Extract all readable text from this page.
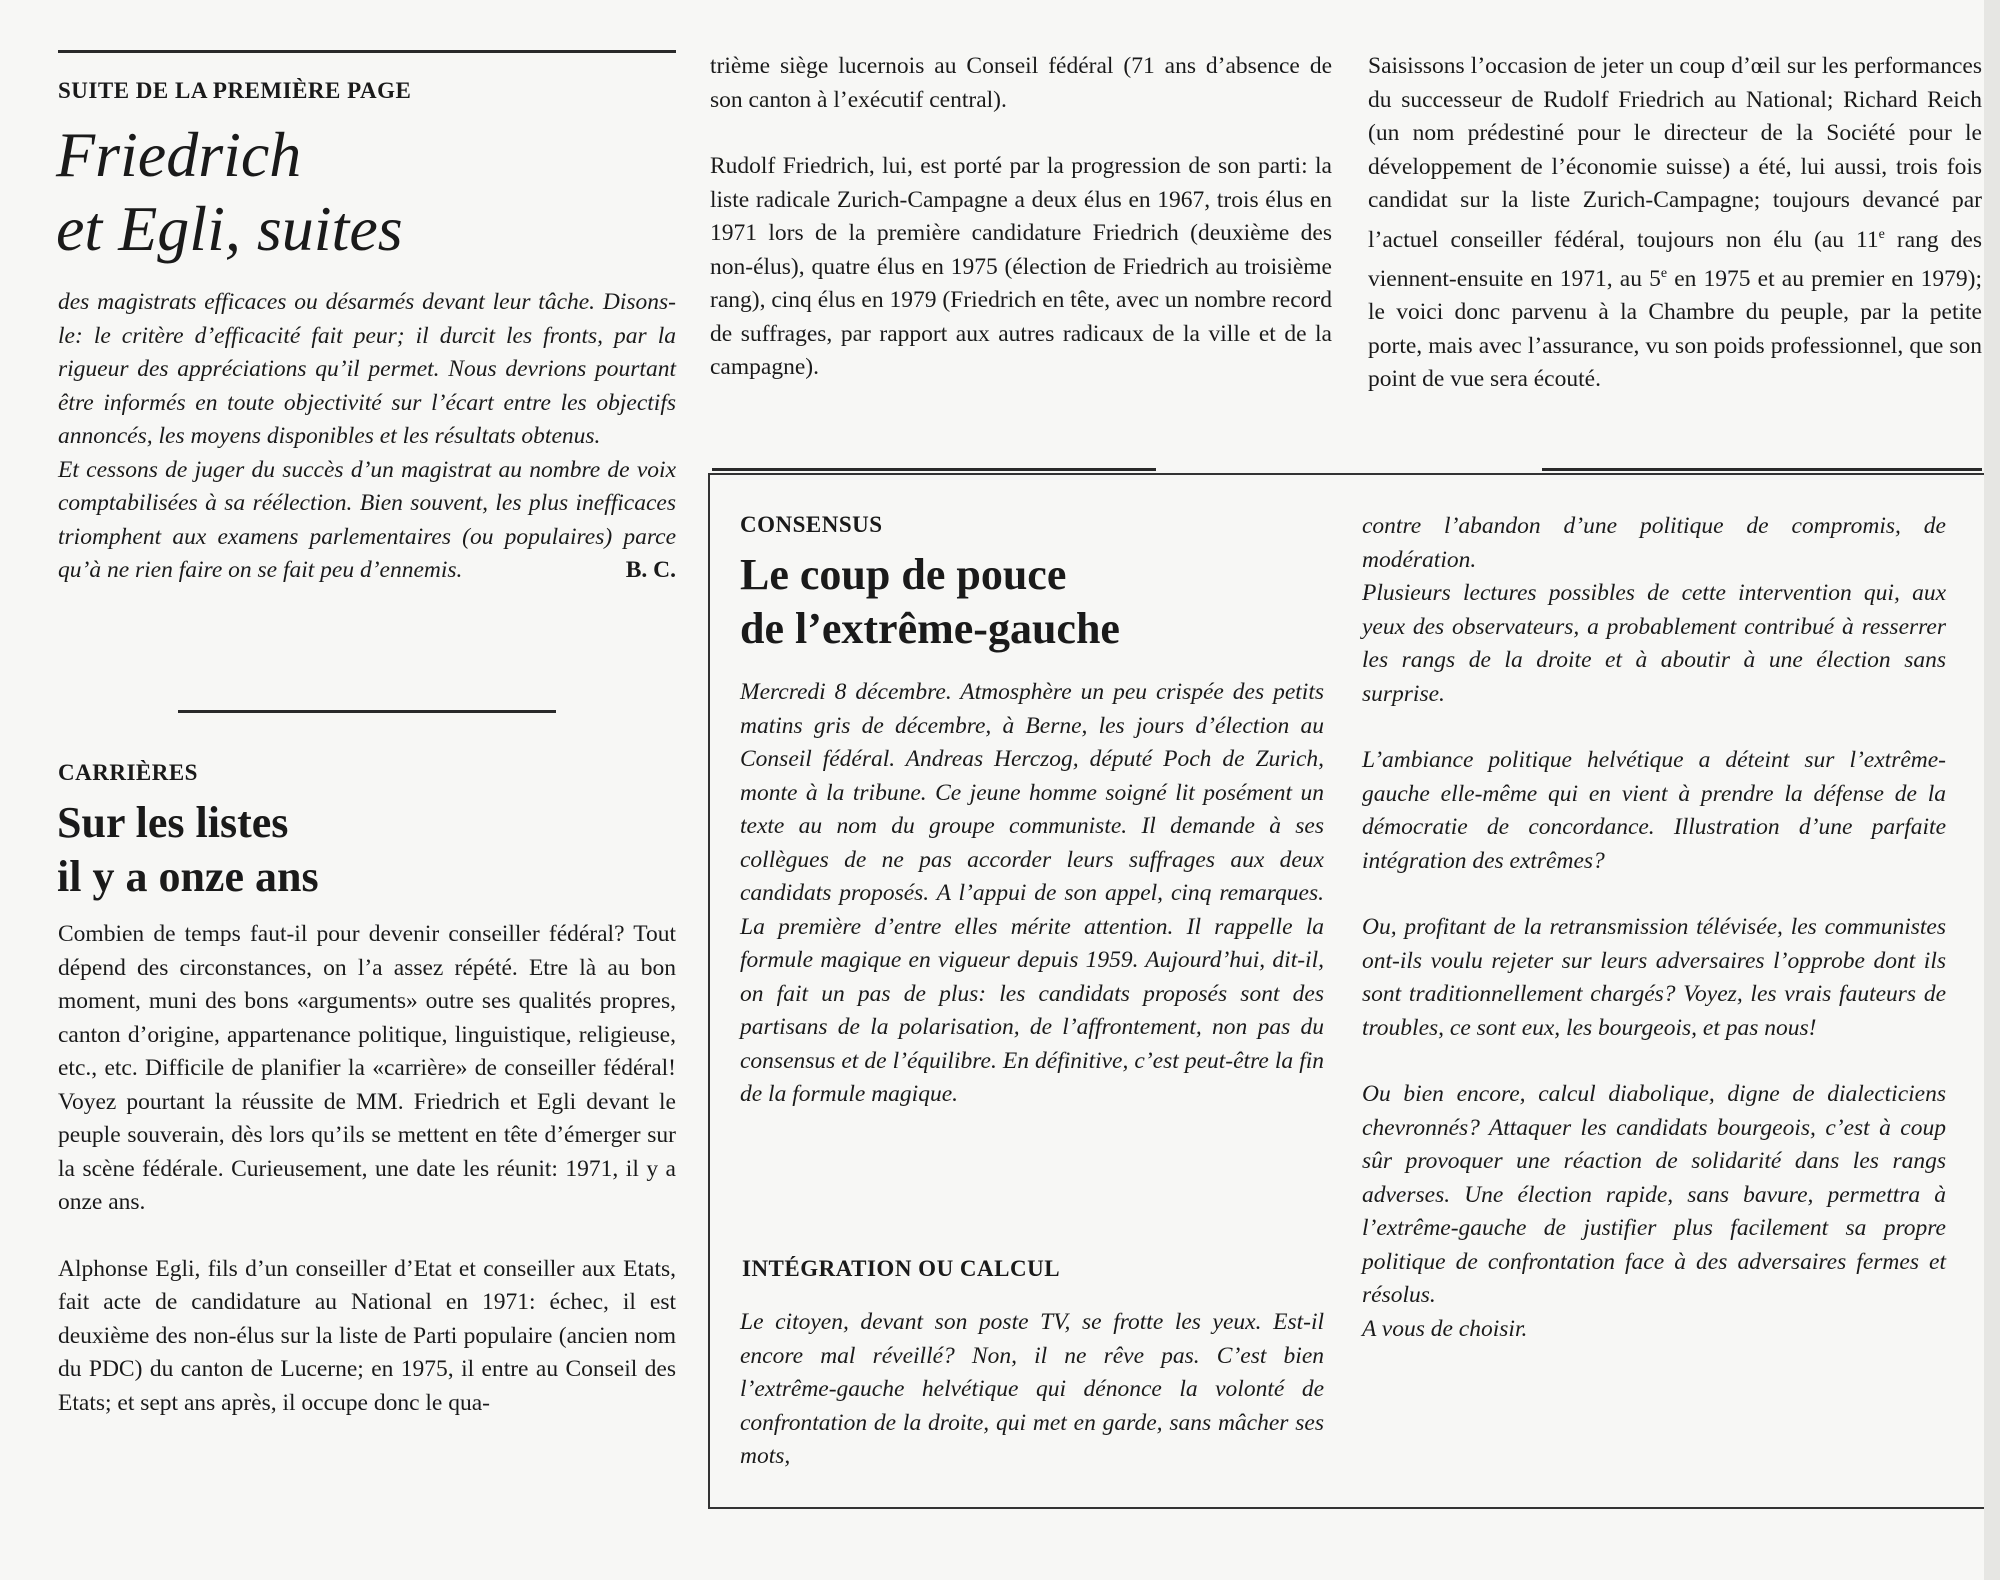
SUITE DE LA PREMIÈRE PAGE
Friedrich
et Egli, suites

des magistrats efficaces ou désarmés devant leur tâche. Disons-le: le critère d’efficacité fait peur; il durcit les fronts, par la rigueur des appréciations qu’il permet. Nous devrions pourtant être informés en toute objectivité sur l’écart entre les objectifs annoncés, les moyens disponibles et les résultats obtenus.

Et cessons de juger du succès d’un magistrat au nombre de voix comptabilisées à sa réélection. Bien souvent, les plus inefficaces triomphent aux examens parlementaires (ou populaires) parce qu’à ne rien faire on se fait peu d’ennemis.	B. C.

CARRIÈRES
Sur les listes
il y a onze ans

Combien de temps faut-il pour devenir conseiller fédéral? Tout dépend des circonstances, on l’a assez répété. Etre là au bon moment, muni des bons «arguments» outre ses qualités propres, canton d’origine, appartenance politique, linguistique, religieuse, etc., etc. Difficile de planifier la «carrière» de conseiller fédéral! Voyez pourtant la réussite de MM. Friedrich et Egli devant le peuple souverain, dès lors qu’ils se mettent en tête d’émerger sur la scène fédérale. Curieusement, une date les réunit: 1971, il y a onze ans.

Alphonse Egli, fils d’un conseiller d’Etat et conseiller aux Etats, fait acte de candidature au National en 1971: échec, il est deuxième des non-élus sur la liste de Parti populaire (ancien nom du PDC) du canton de Lucerne; en 1975, il entre au Conseil des Etats; et sept ans après, il occupe donc le qua-

trième siège lucernois au Conseil fédéral (71 ans d’absence de son canton à l’exécutif central).

Rudolf Friedrich, lui, est porté par la progression de son parti: la liste radicale Zurich-Campagne a deux élus en 1967, trois élus en 1971 lors de la première candidature Friedrich (deuxième des non-élus), quatre élus en 1975 (élection de Friedrich au troisième rang), cinq élus en 1979 (Friedrich en tête, avec un nombre record de suffrages, par rapport aux autres radicaux de la ville et de la campagne).

Saisissons l’occasion de jeter un coup d’œil sur les performances du successeur de Rudolf Friedrich au National; Richard Reich (un nom prédestiné pour le directeur de la Société pour le développement de l’économie suisse) a été, lui aussi, trois fois candidat sur la liste Zurich-Campagne; toujours devancé par l’actuel conseiller fédéral, toujours non élu (au 11e rang des viennent-ensuite en 1971, au 5e en 1975 et au premier en 1979); le voici donc parvenu à la Chambre du peuple, par la petite porte, mais avec l’assurance, vu son poids professionnel, que son point de vue sera écouté.

CONSENSUS
Le coup de pouce
de l’extrême-gauche

Mercredi 8 décembre. Atmosphère un peu crispée des petits matins gris de décembre, à Berne, les jours d’élection au Conseil fédéral. Andreas Herczog, député Poch de Zurich, monte à la tribune. Ce jeune homme soigné lit posément un texte au nom du groupe communiste. Il demande à ses collègues de ne pas accorder leurs suffrages aux deux candidats proposés. A l’appui de son appel, cinq remarques. La première d’entre elles mérite attention. Il rappelle la formule magique en vigueur depuis 1959. Aujourd’hui, dit-il, on fait un pas de plus: les candidats proposés sont des partisans de la polarisation, de l’affrontement, non pas du consensus et de l’équilibre. En définitive, c’est peut-être la fin de la formule magique.

INTÉGRATION OU CALCUL

Le citoyen, devant son poste TV, se frotte les yeux. Est-il encore mal réveillé? Non, il ne rêve pas. C’est bien l’extrême-gauche helvétique qui dénonce la volonté de confrontation de la droite, qui met en garde, sans mâcher ses mots,

contre l’abandon d’une politique de compromis, de modération.

Plusieurs lectures possibles de cette intervention qui, aux yeux des observateurs, a probablement contribué à resserrer les rangs de la droite et à aboutir à une élection sans surprise.

L’ambiance politique helvétique a déteint sur l’extrême-gauche elle-même qui en vient à prendre la défense de la démocratie de concordance. Illustration d’une parfaite intégration des extrêmes?

Ou, profitant de la retransmission télévisée, les communistes ont-ils voulu rejeter sur leurs adversaires l’opprobe dont ils sont traditionnellement chargés? Voyez, les vrais fauteurs de troubles, ce sont eux, les bourgeois, et pas nous!

Ou bien encore, calcul diabolique, digne de dialecticiens chevronnés? Attaquer les candidats bourgeois, c’est à coup sûr provoquer une réaction de solidarité dans les rangs adverses. Une élection rapide, sans bavure, permettra à l’extrême-gauche de justifier plus facilement sa propre politique de confrontation face à des adversaires fermes et résolus.

A vous de choisir.
